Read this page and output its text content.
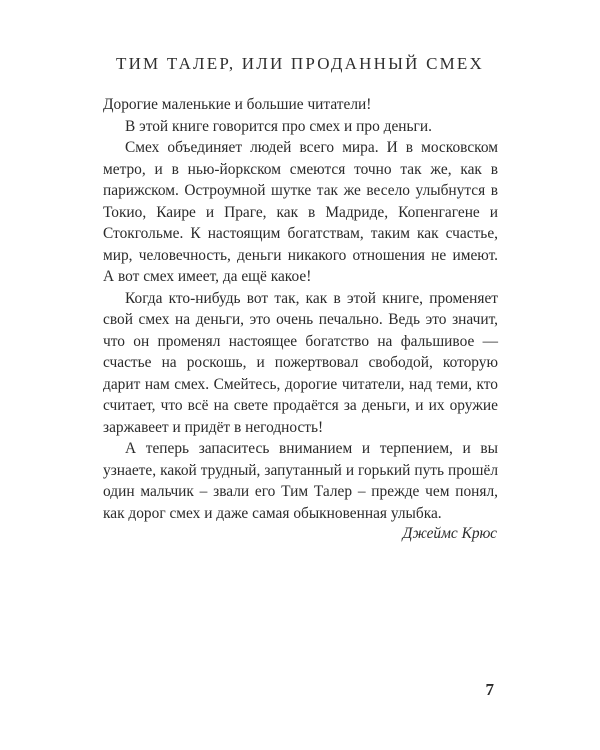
ТИМ ТАЛЕР, ИЛИ ПРОДАННЫЙ СМЕХ

Дорогие маленькие и большие читатели!

В этой книге говорится про смех и про деньги.

Смех объединяет людей всего мира. И в московском метро, и в нью-йоркском смеются точно так же, как в парижском. Остроумной шутке так же весело улыбнутся в Токио, Каире и Праге, как в Мадриде, Копенгагене и Стокгольме. К настоящим богатствам, таким как счастье, мир, человечность, деньги никакого отношения не имеют. А вот смех имеет, да ещё какое!

Когда кто-нибудь вот так, как в этой книге, променяет свой смех на деньги, это очень печально. Ведь это значит, что он променял настоящее богатство на фальшивое — счастье на роскошь, и пожертвовал свободой, которую дарит нам смех. Смейтесь, дорогие читатели, над теми, кто считает, что всё на свете продаётся за деньги, и их оружие заржавеет и придёт в негодность!

А теперь запаситесь вниманием и терпением, и вы узнаете, какой трудный, запутанный и горький путь прошёл один мальчик – звали его Тим Талер – прежде чем понял, как дорог смех и даже самая обыкновенная улыбка.

Джеймс Крюс
7
